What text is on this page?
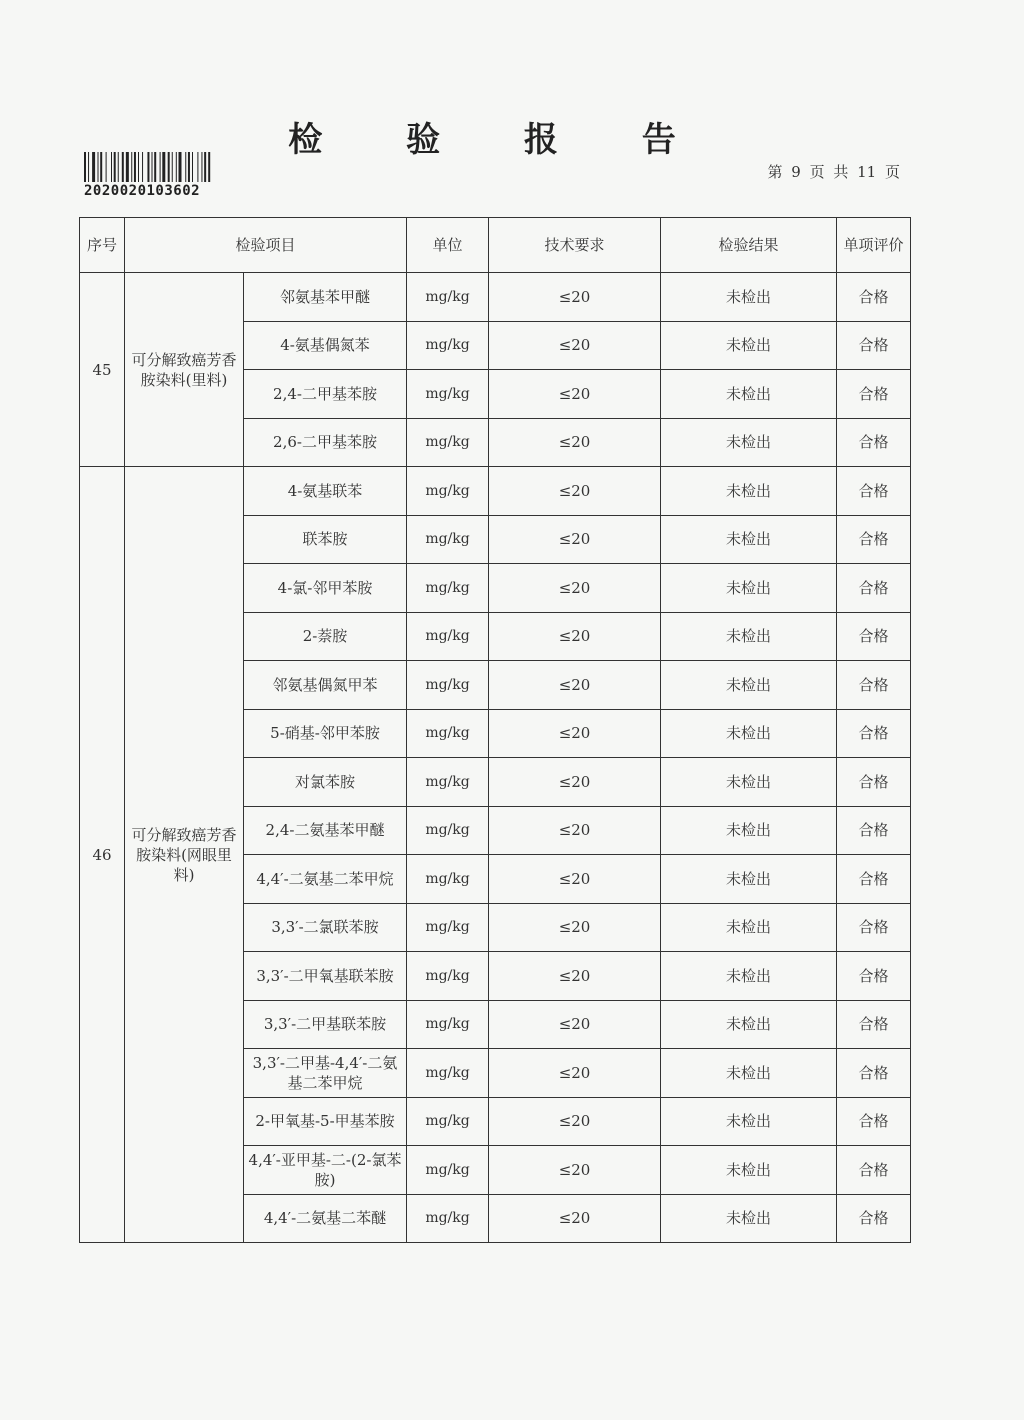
检 验 报 告
2020020103602
第 9 页 共 11 页
序号	检验项目		单位	技术要求	检验结果	单项评价
45	可分解致癌芳香胺染料(里料)	邻氨基苯甲醚	mg/kg	≤20	未检出	合格
		4-氨基偶氮苯	mg/kg	≤20	未检出	合格
		2,4-二甲基苯胺	mg/kg	≤20	未检出	合格
		2,6-二甲基苯胺	mg/kg	≤20	未检出	合格
46	可分解致癌芳香胺染料(网眼里料)	4-氨基联苯	mg/kg	≤20	未检出	合格
		联苯胺	mg/kg	≤20	未检出	合格
		4-氯-邻甲苯胺	mg/kg	≤20	未检出	合格
		2-萘胺	mg/kg	≤20	未检出	合格
		邻氨基偶氮甲苯	mg/kg	≤20	未检出	合格
		5-硝基-邻甲苯胺	mg/kg	≤20	未检出	合格
		对氯苯胺	mg/kg	≤20	未检出	合格
		2,4-二氨基苯甲醚	mg/kg	≤20	未检出	合格
		4,4′-二氨基二苯甲烷	mg/kg	≤20	未检出	合格
		3,3′-二氯联苯胺	mg/kg	≤20	未检出	合格
		3,3′-二甲氧基联苯胺	mg/kg	≤20	未检出	合格
		3,3′-二甲基联苯胺	mg/kg	≤20	未检出	合格
		3,3′-二甲基-4,4′-二氨基二苯甲烷	mg/kg	≤20	未检出	合格
		2-甲氧基-5-甲基苯胺	mg/kg	≤20	未检出	合格
		4,4′-亚甲基-二-(2-氯苯胺)	mg/kg	≤20	未检出	合格
		4,4′-二氨基二苯醚	mg/kg	≤20	未检出	合格
